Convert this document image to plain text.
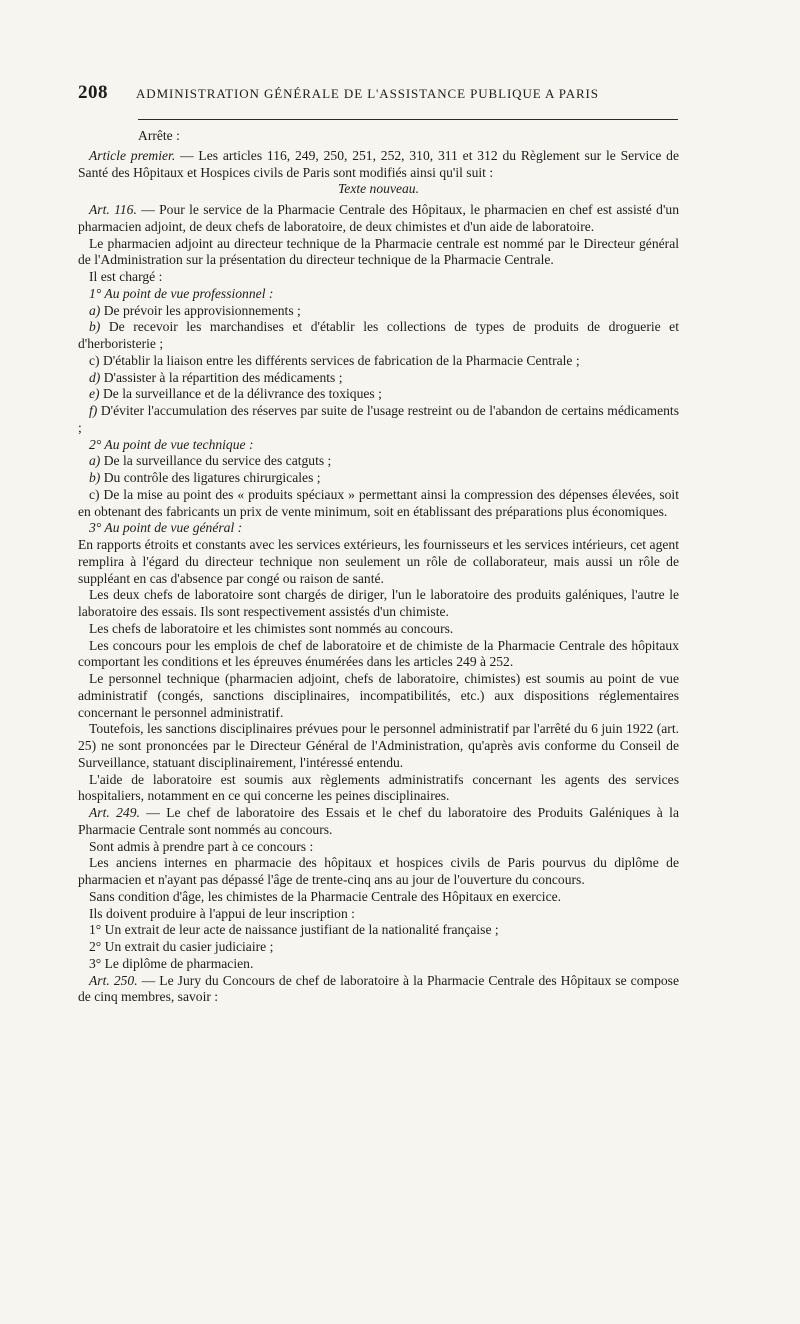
208 ADMINISTRATION GÉNÉRALE DE L'ASSISTANCE PUBLIQUE A PARIS

Arrête :

Article premier. — Les articles 116, 249, 250, 251, 252, 310, 311 et 312 du Règlement sur le Service de Santé des Hôpitaux et Hospices civils de Paris sont modifiés ainsi qu'il suit :

Texte nouveau.

Art. 116. — Pour le service de la Pharmacie Centrale des Hôpitaux, le pharmacien en chef est assisté d'un pharmacien adjoint, de deux chefs de laboratoire, de deux chimistes et d'un aide de laboratoire.

Le pharmacien adjoint au directeur technique de la Pharmacie centrale est nommé par le Directeur général de l'Administration sur la présentation du directeur technique de la Pharmacie Centrale.

Il est chargé :

1° Au point de vue professionnel :

a) De prévoir les approvisionnements ;

b) De recevoir les marchandises et d'établir les collections de types de produits de droguerie et d'herboristerie ;

c) D'établir la liaison entre les différents services de fabrication de la Pharmacie Centrale ;

d) D'assister à la répartition des médicaments ;

e) De la surveillance et de la délivrance des toxiques ;

f) D'éviter l'accumulation des réserves par suite de l'usage restreint ou de l'abandon de certains médicaments ;

2° Au point de vue technique :

a) De la surveillance du service des catguts ;

b) Du contrôle des ligatures chirurgicales ;

c) De la mise au point des « produits spéciaux » permettant ainsi la compression des dépenses élevées, soit en obtenant des fabricants un prix de vente minimum, soit en établissant des préparations plus économiques.

3° Au point de vue général :

En rapports étroits et constants avec les services extérieurs, les fournisseurs et les services intérieurs, cet agent remplira à l'égard du directeur technique non seulement un rôle de collaborateur, mais aussi un rôle de suppléant en cas d'absence par congé ou raison de santé.

Les deux chefs de laboratoire sont chargés de diriger, l'un le laboratoire des produits galéniques, l'autre le laboratoire des essais. Ils sont respectivement assistés d'un chimiste.

Les chefs de laboratoire et les chimistes sont nommés au concours.

Les concours pour les emplois de chef de laboratoire et de chimiste de la Pharmacie Centrale des hôpitaux comportant les conditions et les épreuves énumérées dans les articles 249 à 252.

Le personnel technique (pharmacien adjoint, chefs de laboratoire, chimistes) est soumis au point de vue administratif (congés, sanctions disciplinaires, incompatibilités, etc.) aux dispositions réglementaires concernant le personnel administratif.

Toutefois, les sanctions disciplinaires prévues pour le personnel administratif par l'arrêté du 6 juin 1922 (art. 25) ne sont prononcées par le Directeur Général de l'Administration, qu'après avis conforme du Conseil de Surveillance, statuant disciplinairement, l'intéressé entendu.

L'aide de laboratoire est soumis aux règlements administratifs concernant les agents des services hospitaliers, notamment en ce qui concerne les peines disciplinaires.

Art. 249. — Le chef de laboratoire des Essais et le chef du laboratoire des Produits Galéniques à la Pharmacie Centrale sont nommés au concours.

Sont admis à prendre part à ce concours :

Les anciens internes en pharmacie des hôpitaux et hospices civils de Paris pourvus du diplôme de pharmacien et n'ayant pas dépassé l'âge de trente-cinq ans au jour de l'ouverture du concours.

Sans condition d'âge, les chimistes de la Pharmacie Centrale des Hôpitaux en exercice.

Ils doivent produire à l'appui de leur inscription :

1° Un extrait de leur acte de naissance justifiant de la nationalité française ;

2° Un extrait du casier judiciaire ;

3° Le diplôme de pharmacien.

Art. 250. — Le Jury du Concours de chef de laboratoire à la Pharmacie Centrale des Hôpitaux se compose de cinq membres, savoir :
